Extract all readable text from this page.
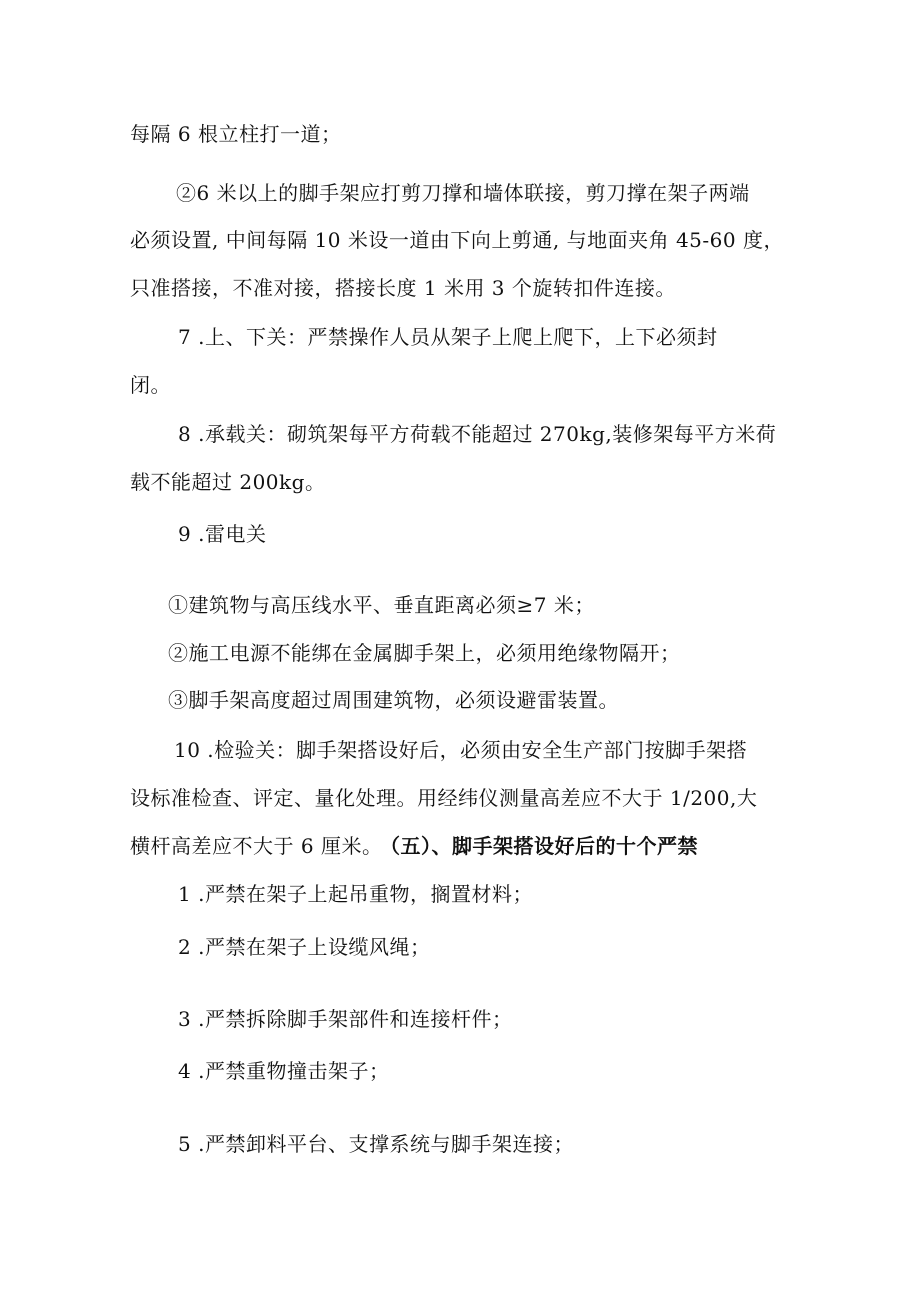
每隔 6 根立柱打一道；
②6 米以上的脚手架应打剪刀撑和墙体联接，剪刀撑在架子两端
必须设置, 中间每隔 10 米设一道由下向上剪通, 与地面夹角 45-60 度，
只准搭接，不准对接，搭接长度 1 米用 3 个旋转扣件连接。
7 .上、下关：严禁操作人员从架子上爬上爬下，上下必须封
闭。
8 .承载关：砌筑架每平方荷载不能超过 270kg,装修架每平方米荷
载不能超过 200kg。
9 .雷电关
①建筑物与高压线水平、垂直距离必须≥7 米；
②施工电源不能绑在金属脚手架上，必须用绝缘物隔开；
③脚手架高度超过周围建筑物，必须设避雷装置。
10 .检验关：脚手架搭设好后，必须由安全生产部门按脚手架搭
设标准检查、评定、量化处理。用经纬仪测量高差应不大于 1/200,大
横杆高差应不大于 6 厘米。
（五）、脚手架搭设好后的十个严禁
1 .严禁在架子上起吊重物，搁置材料；
2 .严禁在架子上设缆风绳；
3 .严禁拆除脚手架部件和连接杆件；
4 .严禁重物撞击架子；
5 .严禁卸料平台、支撑系统与脚手架连接；
